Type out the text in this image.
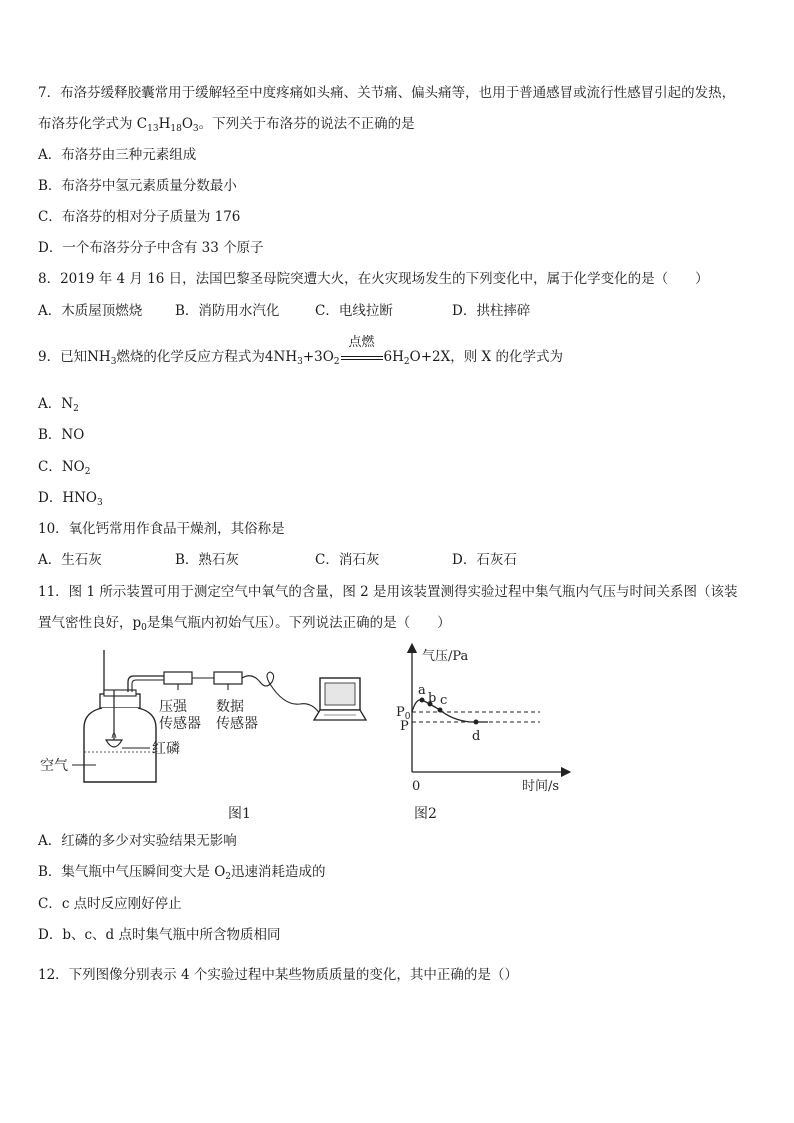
7．布洛芬缓释胶囊常用于缓解轻至中度疼痛如头痛、关节痛、偏头痛等，也用于普通感冒或流行性感冒引起的发热，
布洛芬化学式为 $C_{13}H_{18}O_3$。下列关于布洛芬的说法不正确的是
A．布洛芬由三种元素组成
B．布洛芬中氢元素质量分数最小
C．布洛芬的相对分子质量为 176
D．一个布洛芬分子中含有 33 个原子
8．2019 年 4 月 16 日，法国巴黎圣母院突遭大火，在火灾现场发生的下列变化中，属于化学变化的是（　　）
A．木质屋顶燃烧 B．消防用水汽化	C．电线拉断	D．拱柱摔碎
9．已知$NH_3$燃烧的化学反应方程式为$4NH_3+3O_2$
点燃
$6H_2O+2X$，则 X 的化学式为
A．$N_2$
B．NO
C．$NO_2$
D．$HNO_3$
10．氧化钙常用作食品干燥剂，其俗称是
A．生石灰	B．熟石灰	C．消石灰	D．石灰石
11．图 1 所示装置可用于测定空气中氧气的含量，图 2 是用该装置测得实验过程中集气瓶内气压与时间关系图（该装
置气密性良好，$p_0$是集气瓶内初始气压）。下列说法正确的是（　　）
压强
传感器
数据
传感器
红磷
空气
图1
a
b c
d
气压/Pa
时间/s
0
$P_0$
P
图2
A．红磷的多少对实验结果无影响
B．集气瓶中气压瞬间变大是 $O_2$迅速消耗造成的
C．c 点时反应刚好停止
D．b、c、d 点时集气瓶中所含物质相同
12．下列图像分别表示 4 个实验过程中某些物质质量的变化，其中正确的是（）
